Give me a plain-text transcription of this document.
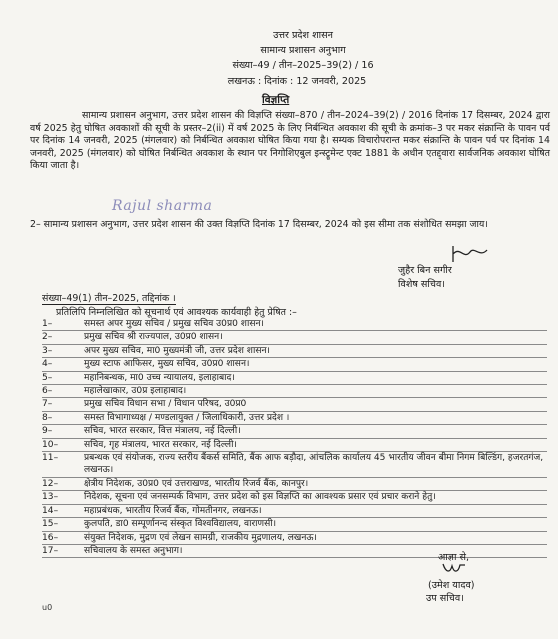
उत्तर प्रदेश शासन
सामान्य प्रशासन अनुभाग
संख्या–49 / तीन–2025–39(2) / 16
लखनऊ : दिनांक : 12 जनवरी, 2025
विज्ञप्ति
सामान्य प्रशासन अनुभाग, उत्तर प्रदेश शासन की विज्ञप्ति संख्या–870 / तीन–2024–39(2) / 2016 दिनांक 17 दिसम्बर, 2024 द्वारा वर्ष 2025 हेतु घोषित अवकाशों की सूची के प्रस्तर–2(ii) में वर्ष 2025 के लिए निर्बन्धित अवकाश की सूची के क्रमांक–3 पर मकर संक्रान्ति के पावन पर्व पर दिनांक 14 जनवरी, 2025 (मंगलवार) को निर्बन्धित अवकाश घोषित किया गया है। सम्यक विचारोपरान्त मकर संक्रान्ति के पावन पर्व पर दिनांक 14 जनवरी, 2025 (मंगलवार) को घोषित निर्बन्धित अवकाश के स्थान पर निगोशिएबुल इन्स्ट्रूमेन्ट एक्ट 1881 के अधीन एतद्द्वारा सार्वजनिक अवकाश घोषित किया जाता है।
Rajul sharma
2– सामान्य प्रशासन अनुभाग, उत्तर प्रदेश शासन की उक्त विज्ञप्ति दिनांक 17 दिसम्बर, 2024 को इस सीमा तक संशोधित समझा जाय।
जुहैर बिन सगीर
विशेष सचिव।
संख्या–49(1) तीन–2025, तद्दिनांक ।
प्रतिलिपि निम्नलिखित को सूचनार्थ एवं आवश्यक कार्यवाही हेतु प्रेषित :–
1–	समस्त अपर मुख्य सचिव / प्रमुख सचिव उ0प्र0 शासन।
2–	प्रमुख सचिव श्री राज्यपाल, उ0प्र0 शासन।
3–	अपर मुख्य सचिव, मा0 मुख्यमंत्री जी, उत्तर प्रदेश शासन।
4–	मुख्य स्टाफ आफिसर, मुख्य सचिव, उ0प्र0 शासन।
5–	महानिबन्धक, मा0 उच्च न्यायालय, इलाहाबाद।
6–	महालेखाकार, उ0प्र इलाहाबाद।
7–	प्रमुख सचिव विधान सभा / विधान परिषद, उ0प्र0
8–	समस्त विभागाध्यक्ष / मण्डलायुक्त / जिलाधिकारी, उत्तर प्रदेश ।
9–	सचिव, भारत सरकार, वित्त मंत्रालय, नई दिल्ली।
10–	सचिव, गृह मंत्रालय, भारत सरकार, नई दिल्ली।
11–	प्रबन्धक एवं संयोजक, राज्य स्तरीय बैंकर्स समिति, बैंक आफ बड़ौदा, आंचलिक कार्यालय 45 भारतीय जीवन बीमा निगम बिल्डिंग, हजरतगंज, लखनऊ।
12–	क्षेत्रीय निदेशक, उ0प्र0 एवं उत्तराखण्ड, भारतीय रिजर्व बैंक, कानपुर।
13–	निदेशक, सूचना एवं जनसम्पर्क विभाग, उत्तर प्रदेश को इस विज्ञप्ति का आवश्यक प्रसार एवं प्रचार कराने हेतु।
14–	महाप्रबंधक, भारतीय रिजर्व बैंक, गोमतीनगर, लखनऊ।
15–	कुलपति, डा0 सम्पूर्णानन्द संस्कृत विश्वविद्यालय, वाराणसी।
16–	संयुक्त निदेशक, मुद्रण एवं लेखन सामग्री, राजकीय मुद्रणालय, लखनऊ।
17–	सचिवालय के समस्त अनुभाग।
आज्ञा से,
(उमेश यादव)
उप सचिव।
u0
